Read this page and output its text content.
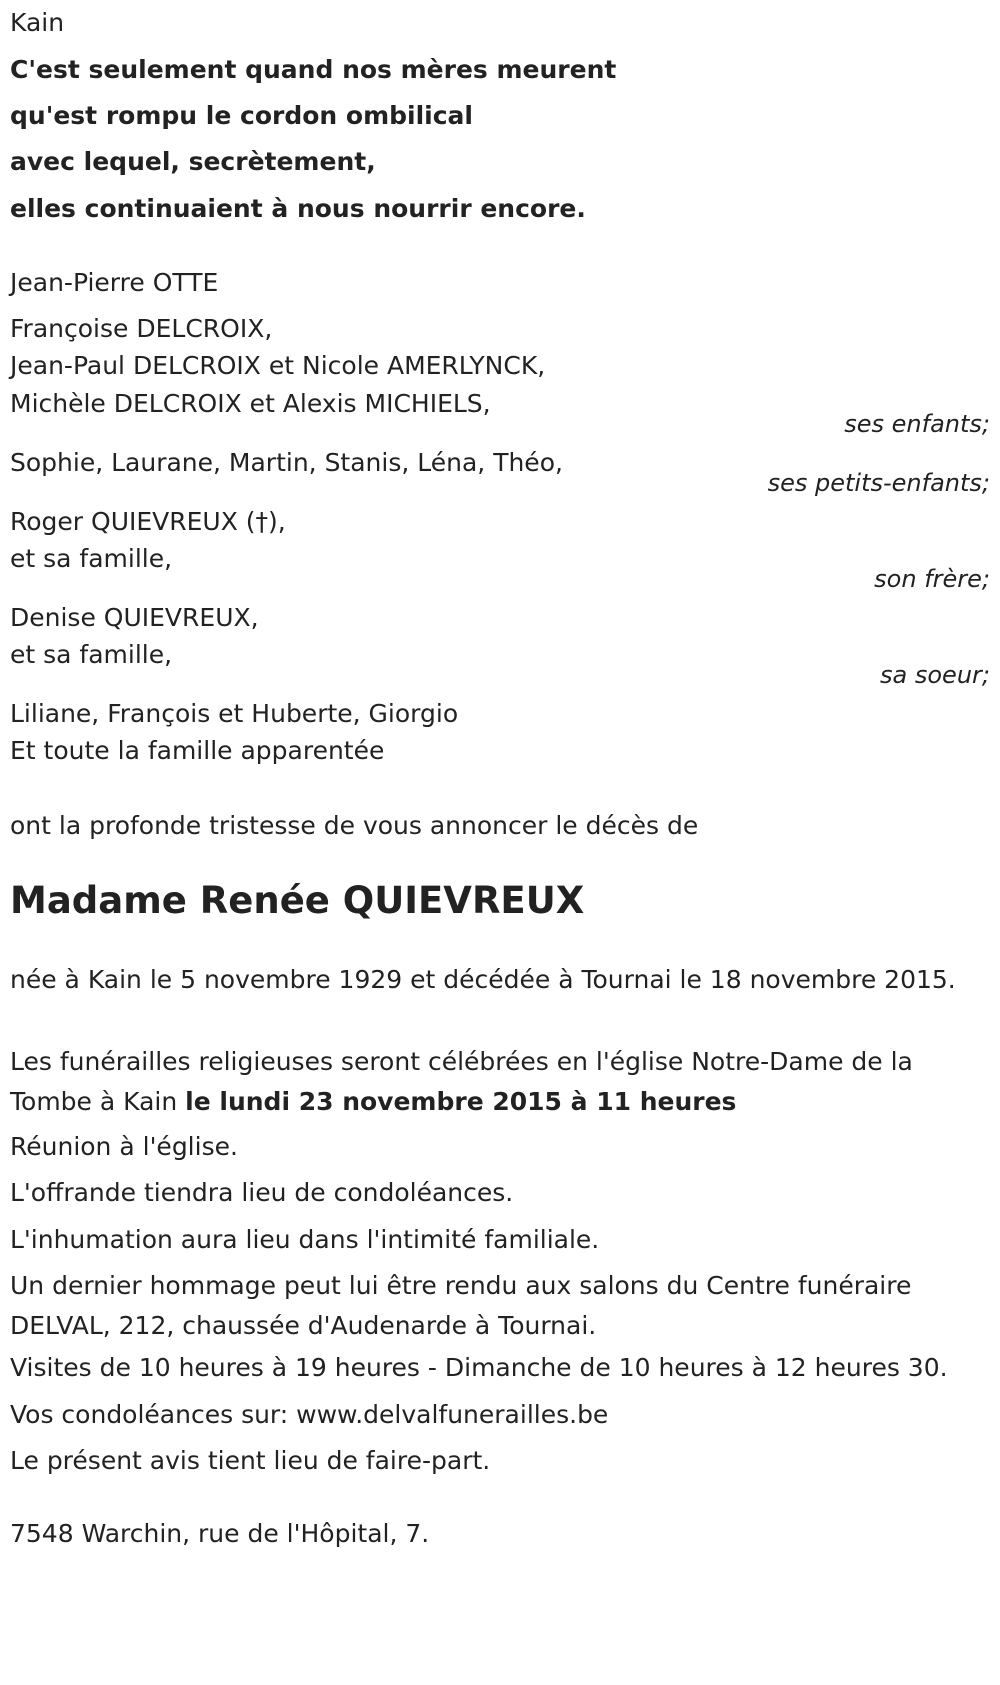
Kain
C'est seulement quand nos mères meurent
qu'est rompu le cordon ombilical
avec lequel, secrètement,
elles continuaient à nous nourrir encore.
Jean-Pierre OTTE
Françoise DELCROIX,
Jean-Paul DELCROIX et Nicole AMERLYNCK,
Michèle DELCROIX et Alexis MICHIELS,
ses enfants;
Sophie, Laurane, Martin, Stanis, Léna, Théo,
ses petits-enfants;
Roger QUIEVREUX (†),
et sa famille,
son frère;
Denise QUIEVREUX,
et sa famille,
sa soeur;
Liliane, François et Huberte, Giorgio
Et toute la famille apparentée
ont la profonde tristesse de vous annoncer le décès de
Madame Renée QUIEVREUX
née à Kain le 5 novembre 1929 et décédée à Tournai le 18 novembre 2015.
Les funérailles religieuses seront célébrées en l'église Notre-Dame de la Tombe à Kain le lundi 23 novembre 2015 à 11 heures
Réunion à l'église.
L'offrande tiendra lieu de condoléances.
L'inhumation aura lieu dans l'intimité familiale.
Un dernier hommage peut lui être rendu aux salons du Centre funéraire DELVAL, 212, chaussée d'Audenarde à Tournai.
Visites de 10 heures à 19 heures - Dimanche de 10 heures à 12 heures 30.
Vos condoléances sur: www.delvalfunerailles.be
Le présent avis tient lieu de faire-part.
7548 Warchin, rue de l'Hôpital, 7.
